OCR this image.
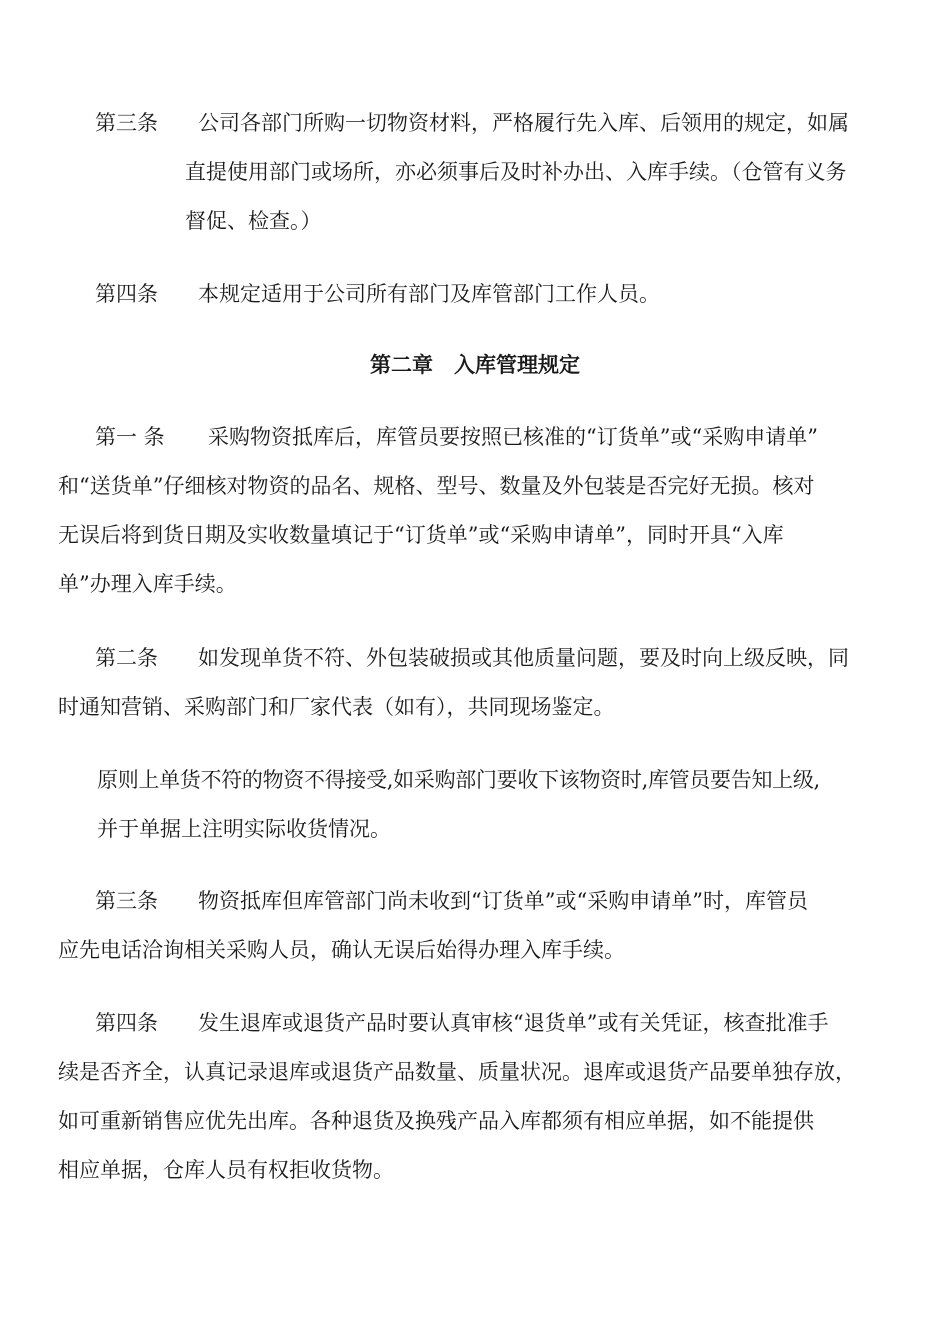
第三条 公司各部门所购一切物资材料，严格履行先入库、后领用的规定，如属
直提使用部门或场所，亦必须事后及时补办出、入库手续。（仓管有义务
督促、检查。）
第四条 本规定适用于公司所有部门及库管部门工作人员。
第二章　入库管理规定
第一 条 采购物资抵库后，库管员要按照已核准的“订货单”或“采购申请单”
和“送货单”仔细核对物资的品名、规格、型号、数量及外包装是否完好无损。核对
无误后将到货日期及实收数量填记于“订货单”或“采购申请单”，同时开具“入库
单”办理入库手续。
第二条 如发现单货不符、外包装破损或其他质量问题，要及时向上级反映，同
时通知营销、采购部门和厂家代表（如有），共同现场鉴定。
原则上单货不符的物资不得接受,如采购部门要收下该物资时,库管员要告知上级,
并于单据上注明实际收货情况。
第三条 物资抵库但库管部门尚未收到“订货单”或“采购申请单”时，库管员
应先电话洽询相关采购人员，确认无误后始得办理入库手续。
第四条 发生退库或退货产品时要认真审核“退货单”或有关凭证，核查批准手
续是否齐全，认真记录退库或退货产品数量、质量状况。退库或退货产品要单独存放，
如可重新销售应优先出库。各种退货及换残产品入库都须有相应单据，如不能提供
相应单据，仓库人员有权拒收货物。
